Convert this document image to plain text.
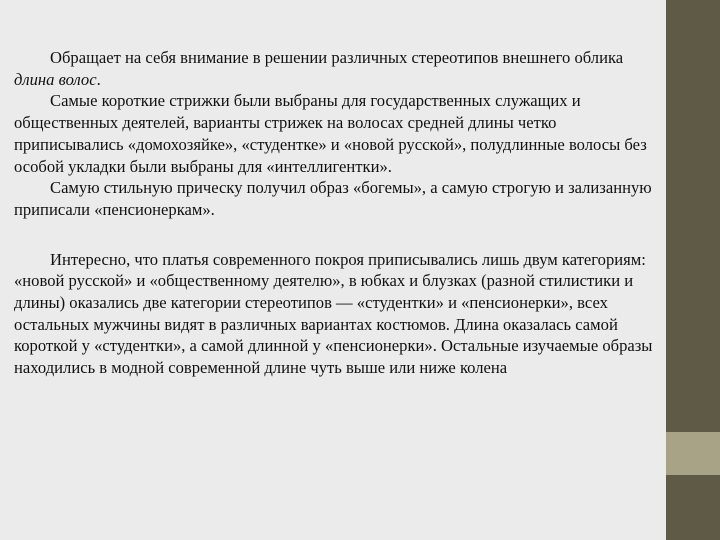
Обращает на себя внимание в решении различных стереотипов внешнего облика длина волос.

Самые короткие стрижки были выбраны для государственных служащих и общественных деятелей, варианты стрижек на волосах средней длины четко приписывались «домохозяйке», «студентке» и «новой русской», полудлинные волосы без особой укладки были выбраны для «интеллигентки».

Самую стильную прическу получил образ «богемы», а самую строгую и зализанную приписали «пенсионеркам».

Интересно, что платья современного покроя приписывались лишь двум категориям: «новой русской» и «общественному деятелю», в юбках и блузках (разной стилистики и длины) оказались две категории стереотипов — «студентки» и «пенсионерки», всех остальных мужчины видят в различных вариантах костюмов. Длина оказалась самой короткой у «студентки», а самой длинной у «пенсионерки». Остальные изучаемые образы находились в модной современной длине чуть выше или ниже колена
